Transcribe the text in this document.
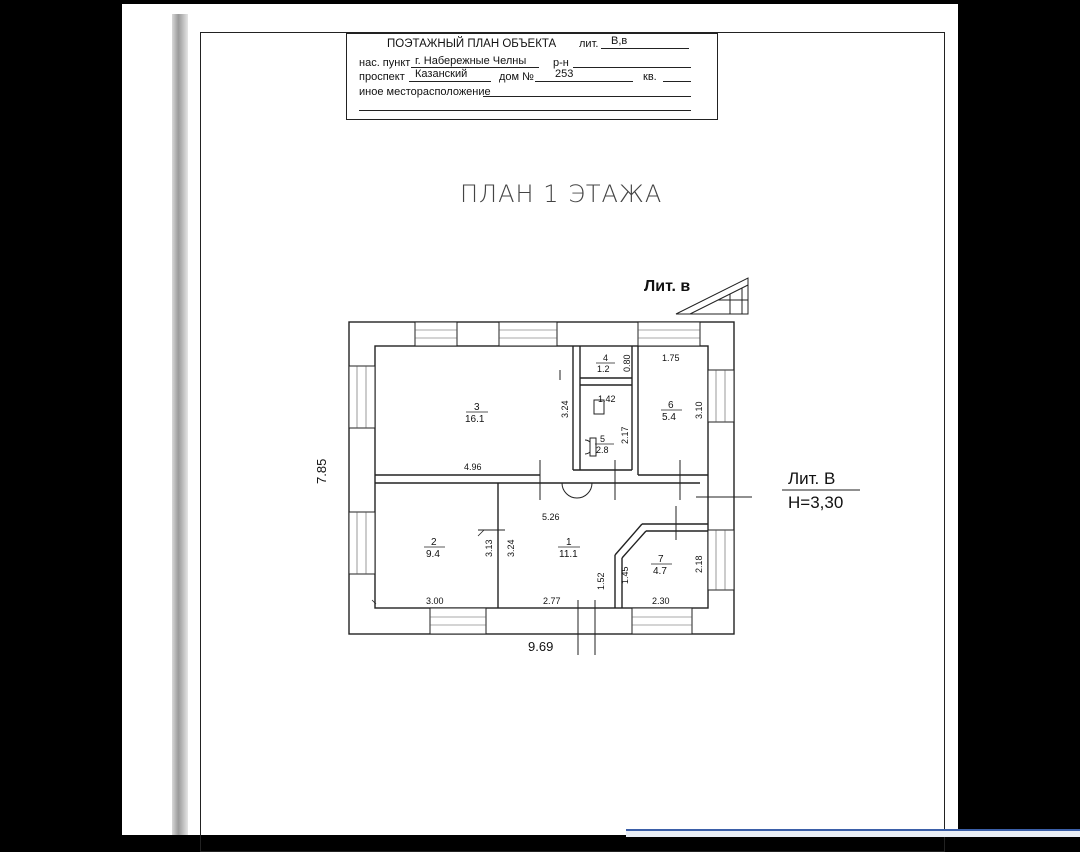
ПОЭТАЖНЫЙ ПЛАН ОБЪЕКТА лит. В,в
нас. пункт г. Набережные Челны р-н
проспект Казанский	дом № 253	кв.
иное месторасположение
ПЛАН 1 ЭТАЖА
7.85
9.69
Лит. в
Лит. В
H=3,30
3
16.1
4
1.2
5
2.8
6
5.4
2
9.4
1
11.1	7
4.7
4.96
3.24
0.80
1.42
2.17
1.75
3.10
3.00
3.13 3.24
5.26
2.77
1.52 1.45
2.18
2.30
